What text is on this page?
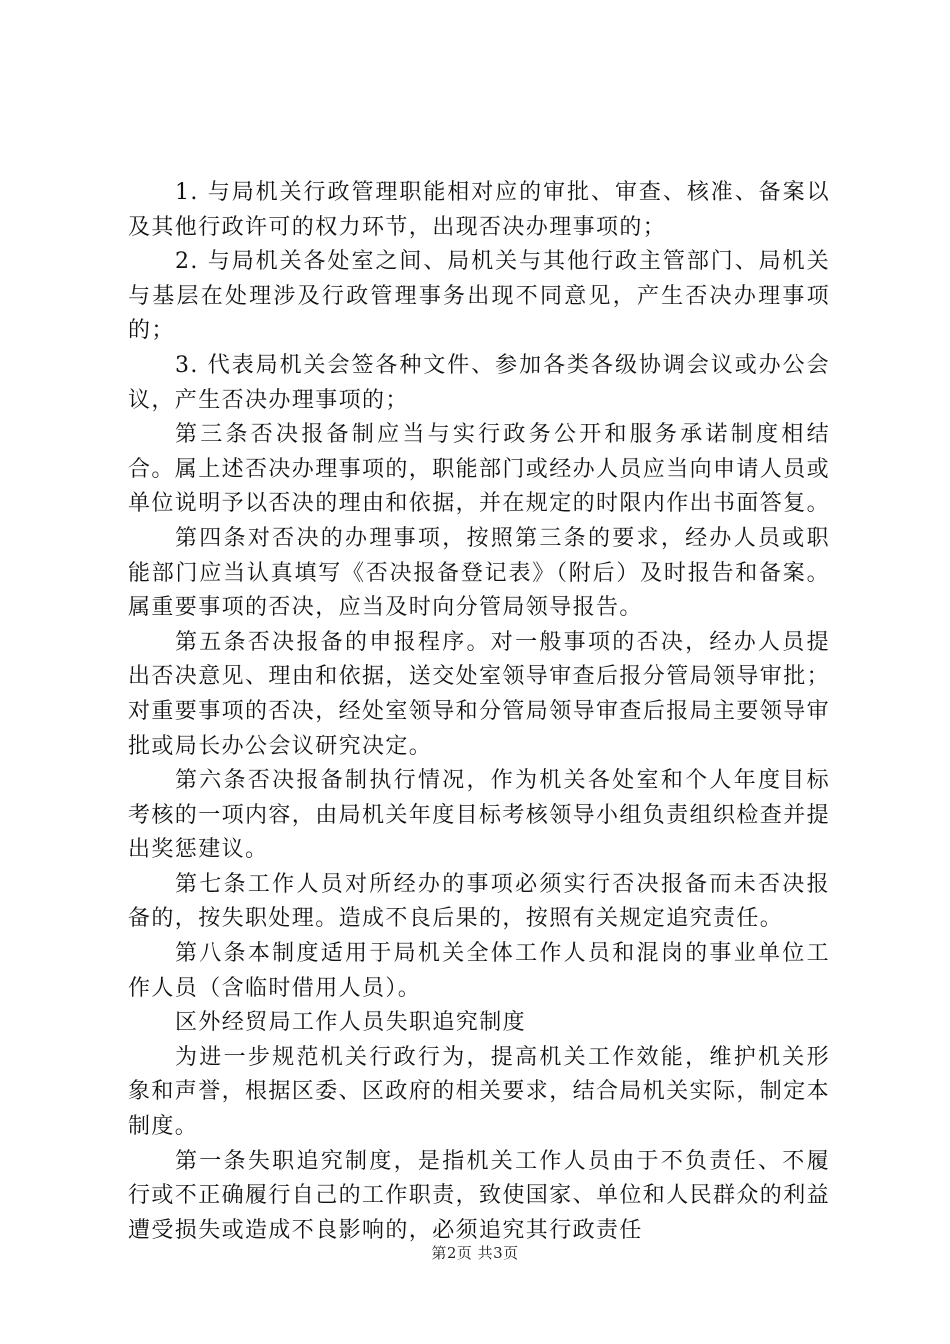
1. 与局机关行政管理职能相对应的审批、审查、核准、备案以及其他行政许可的权力环节，出现否决办理事项的；

2. 与局机关各处室之间、局机关与其他行政主管部门、局机关与基层在处理涉及行政管理事务出现不同意见，产生否决办理事项的；

3. 代表局机关会签各种文件、参加各类各级协调会议或办公会议，产生否决办理事项的；

第三条否决报备制应当与实行政务公开和服务承诺制度相结合。属上述否决办理事项的，职能部门或经办人员应当向申请人员或单位说明予以否决的理由和依据，并在规定的时限内作出书面答复。

第四条对否决的办理事项，按照第三条的要求，经办人员或职能部门应当认真填写《否决报备登记表》（附后）及时报告和备案。属重要事项的否决，应当及时向分管局领导报告。

第五条否决报备的申报程序。对一般事项的否决，经办人员提出否决意见、理由和依据，送交处室领导审查后报分管局领导审批；对重要事项的否决，经处室领导和分管局领导审查后报局主要领导审批或局长办公会议研究决定。

第六条否决报备制执行情况，作为机关各处室和个人年度目标考核的一项内容，由局机关年度目标考核领导小组负责组织检查并提出奖惩建议。

第七条工作人员对所经办的事项必须实行否决报备而未否决报备的，按失职处理。造成不良后果的，按照有关规定追究责任。

第八条本制度适用于局机关全体工作人员和混岗的事业单位工作人员（含临时借用人员）。

区外经贸局工作人员失职追究制度

为进一步规范机关行政行为，提高机关工作效能，维护机关形象和声誉，根据区委、区政府的相关要求，结合局机关实际，制定本制度。

第一条失职追究制度，是指机关工作人员由于不负责任、不履行或不正确履行自己的工作职责，致使国家、单位和人民群众的利益遭受损失或造成不良影响的，必须追究其行政责任

第2页 共3页
